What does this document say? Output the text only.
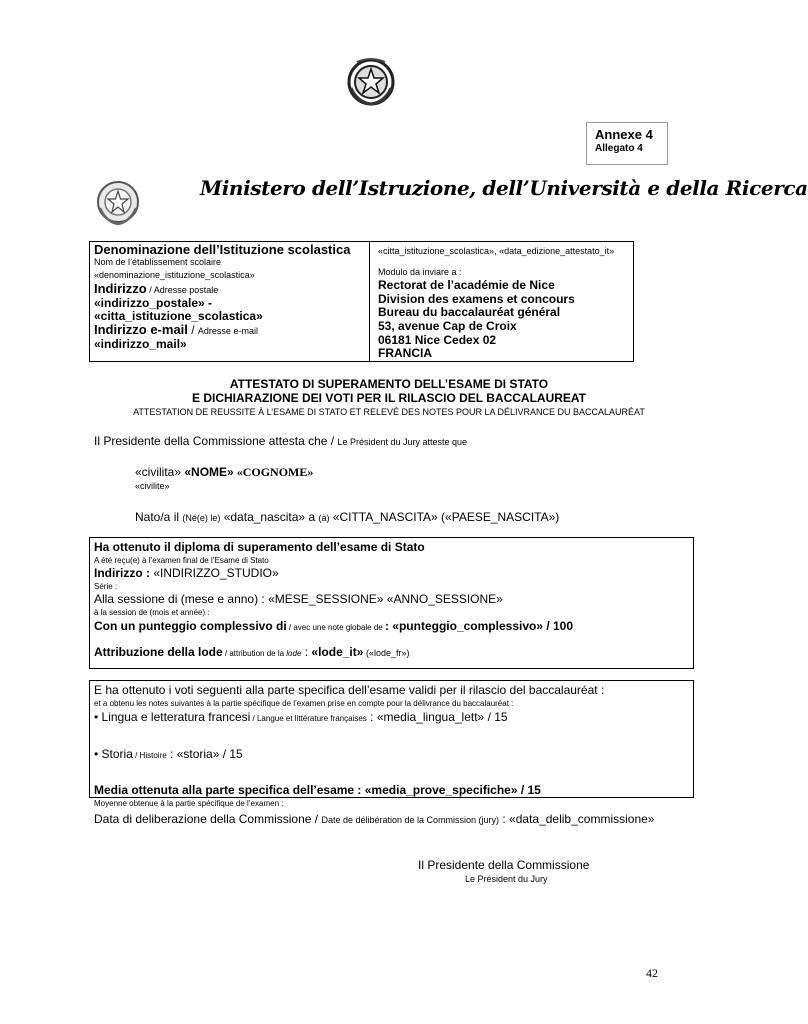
Annexe 4
Allegato 4
Ministero dell’Istruzione, dell’Università e della Ricerca
Denominazione dell’Istituzione scolastica
Nom de l’établissement scolaire
«denominazione_istituzione_scolastica»
Indirizzo / Adresse postale
«indirizzo_postale» -
«citta_istituzione_scolastica»
Indirizzo e-mail / Adresse e-mail
«indirizzo_mail»
«citta_istituzione_scolastica», «data_edizione_attestato_it»
Modulo da inviare a :
Rectorat de l’académie de Nice
Division des examens et concours
Bureau du baccalauréat général
53, avenue Cap de Croix
06181 Nice Cedex 02
FRANCIA
ATTESTATO DI SUPERAMENTO DELL’ESAME DI STATO
E DICHIARAZIONE DEI VOTI PER IL RILASCIO DEL BACCALAUREAT
ATTESTATION DE REUSSITE À L’ESAME DI STATO ET RELEVÉ DES NOTES POUR LA DÉLIVRANCE DU BACCALAURÉAT
Il Presidente della Commissione attesta che / Le Président du Jury atteste que
«civilita» «NOME» «COGNOME»
«civilite»
Nato/a il (Né(e) le) «data_nascita» a (à) «CITTA_NASCITA» («PAESE_NASCITA»)
Ha ottenuto il diploma di superamento dell’esame di Stato
A été reçu(e) à l’examen final de l’Esame di Stato
Indirizzo : «INDIRIZZO_STUDIO»
Série :
Alla sessione di (mese e anno) : «MESE_SESSIONE» «ANNO_SESSIONE»
à la session de (mois et année) :
Con un punteggio complessivo di / avec une note globale de : «punteggio_complessivo» / 100
Attribuzione della lode / attribution de la lode : «lode_it» («lode_fr»)
E ha ottenuto i voti seguenti alla parte specifica dell’esame validi per il rilascio del baccalauréat :
et a obtenu les notes suivantes à la partie spécifique de l’examen prise en compte pour la délivrance du baccalauréat :
• Lingua e letteratura francesi / Langue et littérature françaises : «media_lingua_lett» / 15
• Storia / Histoire : «storia» / 15
Media ottenuta alla parte specifica dell’esame : «media_prove_specifiche» / 15
Moyenne obtenue à la partie spécifique de l’examen :
Data di deliberazione della Commissione / Date de délibération de la Commission (jury) : «data_delib_commissione»
Il Presidente della Commissione
Le Président du Jury
42
